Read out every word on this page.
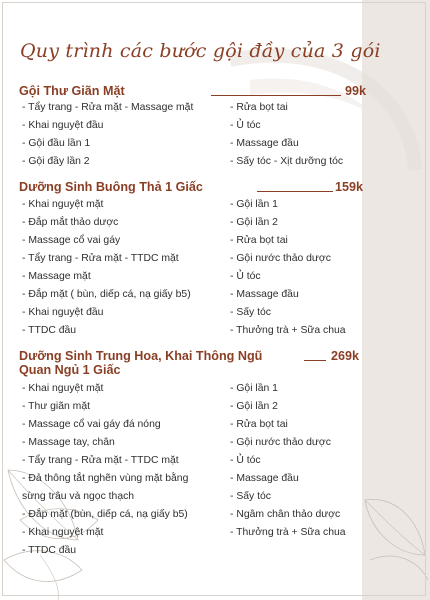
Quy trình các bước gội đầy của 3 gói
Gội Thư Giãn Mặt	99k
- Tẩy trang - Rửa mặt - Massage mặt
- Khai nguyệt đầu
- Gội đầu lần 1
- Gội đầy lần 2
- Rửa bọt tai
- Ủ tóc
- Massage đầu
- Sấy tóc - Xịt dưỡng tóc
Dưỡng Sinh Buông Thả 1 Giấc	159k
- Khai nguyệt mặt
- Đắp mắt thảo dược
- Massage cổ vai gáy
- Tẩy trang - Rửa mặt - TTDC mặt
- Massage mặt
- Đắp mặt ( bùn, diếp cá, nạ giấy b5)
- Khai nguyệt đầu
- TTDC đầu
- Gội lần 1
- Gội lần 2
- Rửa bọt tai
- Gội nước thảo dược
- Ủ tóc
- Massage đầu
- Sấy tóc
- Thưởng trà + Sữa chua
Dưỡng Sinh Trung Hoa, Khai Thông Ngũ
Quan Ngủ 1 Giấc
269k
- Khai nguyệt mặt
- Thư giãn mặt
- Massage cổ vai gáy đá nóng
- Massage tay, chân
- Tẩy trang - Rửa mặt - TTDC mặt
- Đả thông tắt nghẽn vùng mặt bằng
sừng trâu và ngọc thạch
- Đắp mặt (bùn, diếp cá, nạ giấy b5)
- Khai nguyệt mặt
- TTDC đầu
- Gội lần 1
- Gội lần 2
- Rửa bọt tai
- Gội nước thảo dược
- Ủ tóc
- Massage đầu
- Sấy tóc
- Ngâm chân thảo dược
- Thưởng trà + Sữa chua
